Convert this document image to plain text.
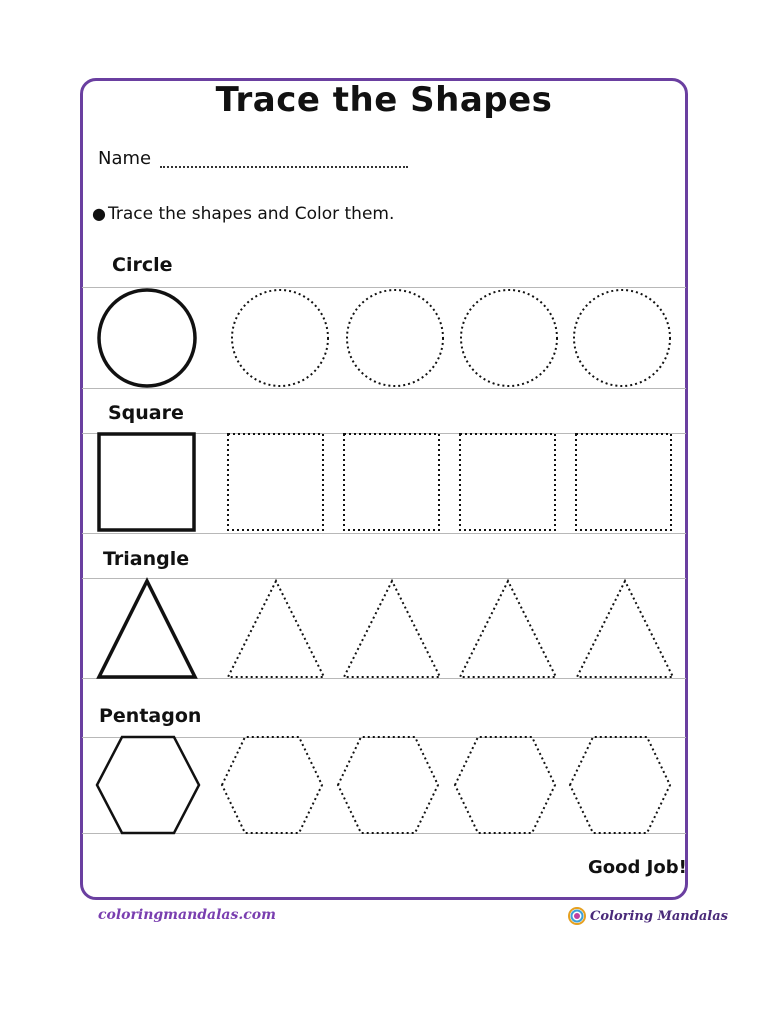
Trace the Shapes
Name
● Trace the shapes and Color them.
Circle
Square
Triangle
Pentagon
Good Job!
coloringmandalas.com	Coloring Mandalas
